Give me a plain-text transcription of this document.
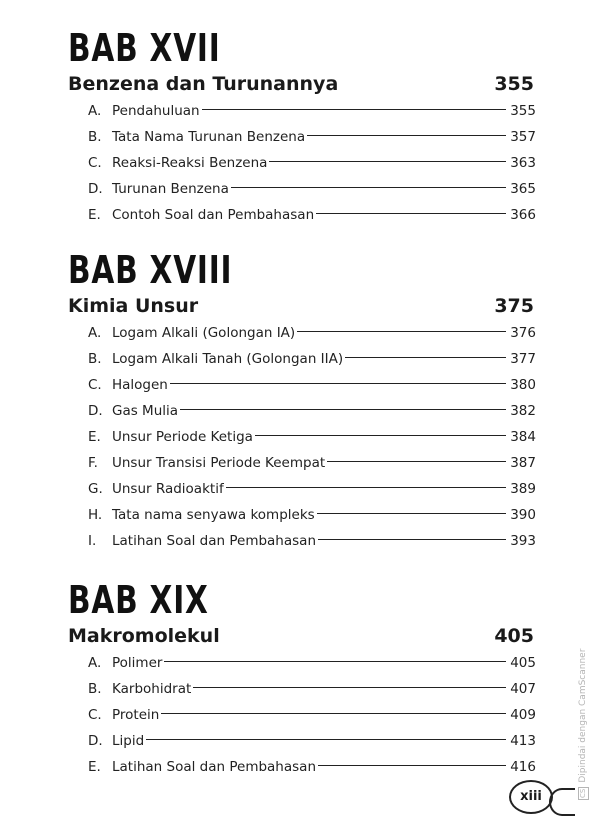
BAB XVII
Benzena dan Turunannya	355
A. Pendahuluan	355
B. Tata Nama Turunan Benzena	357
C. Reaksi-Reaksi Benzena	363
D. Turunan Benzena	365
E. Contoh Soal dan Pembahasan	366
BAB XVIII
Kimia Unsur	375
A. Logam Alkali (Golongan IA)	376
B. Logam Alkali Tanah (Golongan IIA)	377
C. Halogen	380
D. Gas Mulia	382
E. Unsur Periode Ketiga	384
F.	Unsur Transisi Periode Keempat	387
G. Unsur Radioaktif	389
H. Tata nama senyawa kompleks	390
I.	Latihan Soal dan Pembahasan	393
BAB XIX
Makromolekul	405
A. Polimer	405
B. Karbohidrat	407
C. Protein	409
D. Lipid	413
E. Latihan Soal dan Pembahasan	416
xiii	CSDipindai dengan CamScanner
